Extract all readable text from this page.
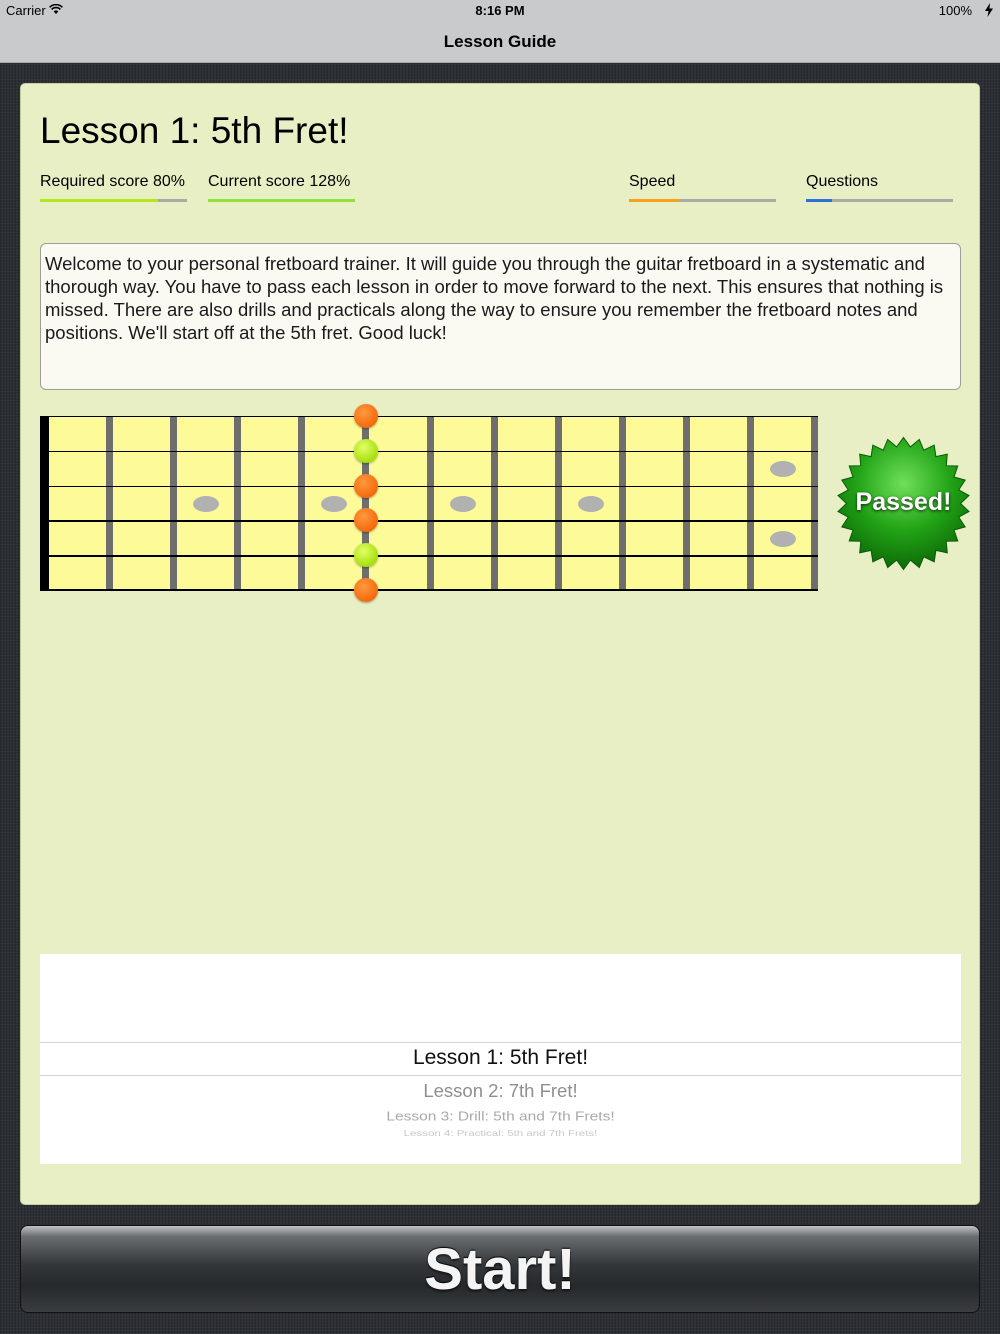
Carrier	8:16 PM	100%
Lesson Guide
Lesson 1: 5th Fret!
Required score 80% Current score 128%	Speed	Questions
Welcome to your personal fretboard trainer. It will guide you through the guitar fretboard in a systematic and thorough way. You have to pass each lesson in order to move forward to the next. This ensures that nothing is missed. There are also drills and practicals along the way to ensure you remember the fretboard notes and positions. We'll start off at the 5th fret. Good luck!
Passed!
Lesson 1: 5th Fret!
Lesson 2: 7th Fret!
Lesson 3: Drill: 5th and 7th Frets!
Lesson 4: Practical: 5th and 7th Frets!
Start!
